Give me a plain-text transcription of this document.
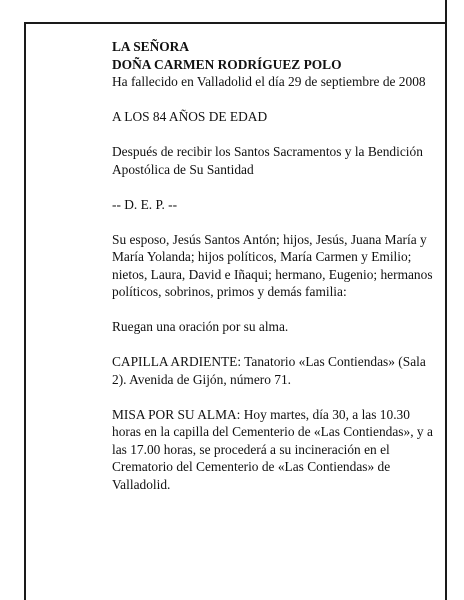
LA SEÑORA

DOÑA CARMEN RODRÍGUEZ POLO

Ha fallecido en Valladolid el día 29 de septiembre de 2008

A LOS 84 AÑOS DE EDAD

Después de recibir los Santos Sacramentos y la Bendición Apostólica de Su Santidad

-- D. E. P. --

Su esposo, Jesús Santos Antón; hijos, Jesús, Juana María y María Yolanda; hijos políticos, María Carmen y Emilio; nietos, Laura, David e Iñaqui; hermano, Eugenio; hermanos políticos, sobrinos, primos y demás familia:

Ruegan una oración por su alma.

CAPILLA ARDIENTE: Tanatorio «Las Contiendas» (Sala 2). Avenida de Gijón, número 71.

MISA POR SU ALMA: Hoy martes, día 30, a las 10.30 horas en la capilla del Cementerio de «Las Contiendas», y a las 17.00 horas, se procederá a su incineración en el Crematorio del Cementerio de «Las Contiendas» de Valladolid.
